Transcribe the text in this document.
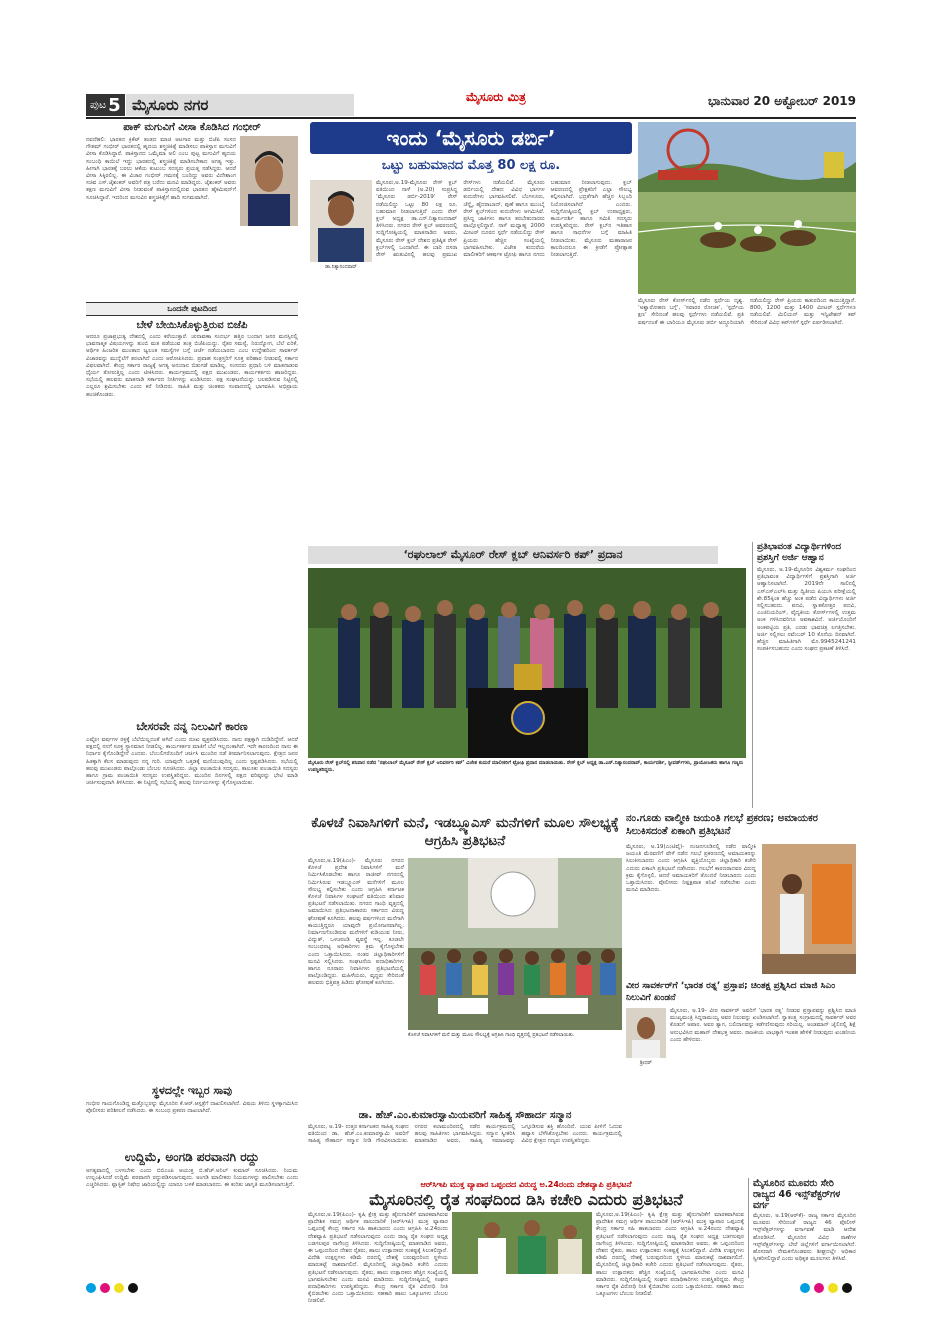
ಪುಟ 5 ಮೈಸೂರು ನಗರ	ಮೈಸೂರು ಮಿತ್ರ	ಭಾನುವಾರ 20 ಅಕ್ಟೋಬರ್ 2019
ಪಾಕ್ ಮಗುವಿಗೆ ವೀಸಾ ಕೊಡಿಸಿದ ಗಂಭೀರ್
ನವದೆಹಲಿ: ಭಾರತದ ಕ್ರಿಕೆಟ್ ತಂಡದ ಮಾಜಿ ಆಟಗಾರ ಮತ್ತು ಬಿಜೆಪಿ ಸಂಸದ ಗೌತಮ್ ಗಂಭೀರ್ ಭಾರತದಲ್ಲಿ ಹೃದಯ ಶಸ್ತ್ರಚಿಕಿತ್ಸೆ ಮಾಡಿಸಲು ಪಾಕಿಸ್ತಾನ ಮಗುವಿಗೆ ವೀಸಾ ಕೊಡಿಸಿದ್ದಾರೆ. ಪಾಕಿಸ್ತಾನದ ಒಮೈಮಾ ಅಲಿ ಎಂಬ ಪುಟ್ಟ ಮಗುವಿಗೆ ಹೃದಯ ಸಂಬಂಧಿ ಕಾಯಿಲೆ ಇದ್ದು ಭಾರತದಲ್ಲಿ ಶಸ್ತ್ರಚಿಕಿತ್ಸೆ ಮಾಡಿಸಬೇಕಾದ ಅಗತ್ಯ ಇತ್ತು. ಹೀಗಾಗಿ ಭಾರತಕ್ಕೆ ಬರಲು ಆಕೆಯ ಕುಟುಂಬ ಸದಸ್ಯರು ಪ್ರಯತ್ನ ನಡೆಸಿದ್ದರು. ಆದರೆ ವೀಸಾ ಸಿಕ್ಕಿರಲಿಲ್ಲ. ಈ ವಿಚಾರ ಗಂಭೀರ್ ಗಮನಕ್ಕೆ ಬಂದಿದ್ದು ಅವರು ವಿದೇಶಾಂಗ ಸಚಿವ ಎಸ್.ಜೈಶಂಕರ್ ಅವರಿಗೆ ಪತ್ರ ಬರೆದು ಮನವಿ ಮಾಡಿದ್ದರು. ಜೈಶಂಕರ್ ಅವರು ತಕ್ಷಣ ಮಗುವಿಗೆ ವೀಸಾ ನೀಡುವಂತೆ ಪಾಕಿಸ್ತಾನದಲ್ಲಿರುವ ಭಾರತದ ಹೈಕಮಿಷನ್‌ಗೆ ಸೂಚಿಸಿದ್ದಾರೆ. ಇದರಿಂದ ಮಗುವಿನ ಶಸ್ತ್ರಚಿಕಿತ್ಸೆಗೆ ಹಾದಿ ಸುಗಮವಾಗಿದೆ.
ಒಂದನೇ ಪುಟದಿಂದ
ಬೇಳೆ ಬೇಯಿಸಿಕೊಳ್ಳುತ್ತಿರುವ ಬಿಜೆಪಿ
ಆದರೂ ಪ್ರಜಾಪ್ರಭುತ್ವ ದೇಶದಲ್ಲಿ ಎಂದು ಕರೆಯುತ್ತಾರೆ. ಚುನಾವಣಾ ಸಂದರ್ಭ ಹತ್ತಿರ ಬಂದಾಗ ಜನರ ಮನಸ್ಸಿನಲ್ಲಿ ಭಾವನಾತ್ಮಕ ವಿಷಯಗಳನ್ನು ತುಂಬಿ ಮತ ಪಡೆಯುವ ತಂತ್ರ ಬಿಜೆಪಿಯದ್ದು. ರೈತರ ಸಮಸ್ಯೆ, ನಿರುದ್ಯೋಗ, ಬೆಲೆ ಏರಿಕೆ, ಆರ್ಥಿಕ ಹಿಂಜರಿತ ಮುಂತಾದ ಜ್ವಲಂತ ಸಮಸ್ಯೆಗಳ ಬಗ್ಗೆ ಚರ್ಚೆ ನಡೆಯಬಾರದು ಎಂಬ ಉದ್ದೇಶದಿಂದ ಸಾವರ್ಕರ್ ವಿಚಾರವನ್ನು ಮುನ್ನೆಲೆಗೆ ತರಲಾಗಿದೆ ಎಂದು ಆರೋಪಿಸಿದರು. ಪ್ರವಾಹ ಸಂತ್ರಸ್ತರಿಗೆ ಸೂಕ್ತ ಪರಿಹಾರ ನೀಡುವಲ್ಲಿ ಸರ್ಕಾರ ವಿಫಲವಾಗಿದೆ. ಕೇಂದ್ರ ಸರ್ಕಾರ ರಾಜ್ಯಕ್ಕೆ ಅಗತ್ಯ ಅನುದಾನ ಬಿಡುಗಡೆ ಮಾಡಿಲ್ಲ. ಸಂಸದರು ಪ್ರಧಾನಿ ಬಳಿ ಮಾತನಾಡುವ ಧೈರ್ಯ ತೋರುತ್ತಿಲ್ಲ ಎಂದು ಟೀಕಿಸಿದರು. ಕಾರ್ಯಕ್ರಮದಲ್ಲಿ ಪಕ್ಷದ ಮುಖಂಡರು, ಕಾರ್ಯಕರ್ತರು ಹಾಜರಿದ್ದರು. ಸಭೆಯಲ್ಲಿ ಹಲವರು ಮಾತನಾಡಿ ಸರ್ಕಾರದ ನೀತಿಗಳನ್ನು ಖಂಡಿಸಿದರು. ಪಕ್ಷ ಸಂಘಟನೆಯನ್ನು ಬಲಪಡಿಸುವ ನಿಟ್ಟಿನಲ್ಲಿ ಎಲ್ಲರೂ ಶ್ರಮಿಸಬೇಕು ಎಂದು ಕರೆ ನೀಡಿದರು. ಸಾಹಿತಿ ಮತ್ತು ಚಿಂತಕರು ಸಂವಾದದಲ್ಲಿ ಭಾಗವಹಿಸಿ ಅಭಿಪ್ರಾಯ ಹಂಚಿಕೊಂಡರು.
ಬೇಸರವೇ ನನ್ನ ನಿಲುವಿಗೆ ಕಾರಣ
ಎಷ್ಟೋ ವರ್ಷಗಳ ರಕ್ತಕ್ಕೆ ಬೆಲೆಯಿಲ್ಲದಂತೆ ಆಗಿದೆ ಎಂದು ದುಃಖ ವ್ಯಕ್ತಪಡಿಸಿದರು. ನಾನು ಪಕ್ಷಕ್ಕಾಗಿ ದುಡಿದಿದ್ದೇನೆ. ಆದರೆ ಪಕ್ಷದಲ್ಲಿ ನನಗೆ ಸೂಕ್ತ ಸ್ಥಾನಮಾನ ನೀಡಲಿಲ್ಲ. ಕಾರ್ಯಕರ್ತರ ಮಾತಿಗೆ ಬೆಲೆ ಇಲ್ಲದಂತಾಗಿದೆ. ಇದೇ ಕಾರಣದಿಂದ ನಾನು ಈ ನಿರ್ಧಾರ ಕೈಗೊಂಡಿದ್ದೇನೆ ಎಂದರು. ಬೆಂಬಲಿಗರೊಂದಿಗೆ ಚರ್ಚಿಸಿ ಮುಂದಿನ ನಡೆ ತೀರ್ಮಾನಿಸಲಾಗುವುದು. ಕ್ಷೇತ್ರದ ಜನರ ಹಿತಕ್ಕಾಗಿ ಕೆಲಸ ಮಾಡುವುದು ನನ್ನ ಗುರಿ. ಯಾವುದೇ ಒತ್ತಡಕ್ಕೆ ಮಣಿಯುವುದಿಲ್ಲ ಎಂದು ಸ್ಪಷ್ಟಪಡಿಸಿದರು. ಸಭೆಯಲ್ಲಿ ಹಲವು ಮುಖಂಡರು ಪಾಲ್ಗೊಂಡು ಬೆಂಬಲ ಸೂಚಿಸಿದರು. ಜಿಲ್ಲಾ ಪಂಚಾಯಿತಿ ಸದಸ್ಯರು, ತಾಲೂಕು ಪಂಚಾಯಿತಿ ಸದಸ್ಯರು ಹಾಗೂ ಗ್ರಾಮ ಪಂಚಾಯಿತಿ ಸದಸ್ಯರು ಉಪಸ್ಥಿತರಿದ್ದರು. ಮುಂದಿನ ದಿನಗಳಲ್ಲಿ ಪಕ್ಷದ ವರಿಷ್ಠರನ್ನು ಭೇಟಿ ಮಾಡಿ ಚರ್ಚಿಸುವುದಾಗಿ ತಿಳಿಸಿದರು. ಈ ನಿಟ್ಟಿನಲ್ಲಿ ಸಭೆಯಲ್ಲಿ ಹಲವು ನಿರ್ಣಯಗಳನ್ನು ಕೈಗೊಳ್ಳಲಾಯಿತು.
ಸ್ಥಳದಲ್ಲೇ ಇಬ್ಬರ ಸಾವು
ಗಂಭೀರ ಗಾಯಗೊಂಡಿದ್ದ ಮತ್ತೊಬ್ಬರನ್ನು ಮೈಸೂರಿನ ಕೆ.ಆರ್.ಆಸ್ಪತ್ರೆಗೆ ದಾಖಲಿಸಲಾಗಿದೆ. ವಿಷಯ ತಿಳಿದು ಸ್ಥಳಕ್ಕಾಗಮಿಸಿದ ಪೊಲೀಸರು ಪರಿಶೀಲನೆ ನಡೆಸಿದರು. ಈ ಸಂಬಂಧ ಪ್ರಕರಣ ದಾಖಲಾಗಿದೆ.
ಉದ್ದಿಮೆ, ಅಂಗಡಿ ಪರವಾನಗಿ ರದ್ದು
ಅಗತ್ಯವಾದಲ್ಲಿ ಬಳಸಬೇಕು ಎಂದು ಬಿಬಿಎಂಪಿ ಆಯುಕ್ತ ಬಿ.ಹೆಚ್.ಅನಿಲ್ ಕುಮಾರ್ ಸೂಚಿಸಿದರು. ನಿಯಮ ಉಲ್ಲಂಘಿಸಿದರೆ ಉದ್ದಿಮೆ ಪರವಾನಗಿ ರದ್ದುಪಡಿಸಲಾಗುವುದು. ಅಂಗಡಿ ಮಾಲೀಕರು ನಿಯಮಗಳನ್ನು ಪಾಲಿಸಬೇಕು ಎಂದು ಎಚ್ಚರಿಸಿದರು. ಪ್ಲಾಸ್ಟಿಕ್ ನಿಷೇಧ ಜಾರಿಯಲ್ಲಿದ್ದು ಯಾರೂ ಬಳಕೆ ಮಾಡಬಾರದು. ಈ ಕುರಿತು ಜಾಗೃತಿ ಮೂಡಿಸಲಾಗುತ್ತಿದೆ.
ಇಂದು ‘ಮೈಸೂರು ಡರ್ಬಿ’
ಒಟ್ಟು ಬಹುಮಾನದ ಮೊತ್ತ 80 ಲಕ್ಷ ರೂ.
ಡಾ.ನಿತ್ಯಾನಂದರಾವ್
ಮೈಸೂರು,ಅ.19-ಮೈಸೂರು ರೇಸ್ ಕ್ಲಬ್ ವತಿಯಿಂದ ನಾಳೆ (ಅ.20) ಸುಪ್ರಸಿದ್ಧ ‘ಮೈಸೂರು ಡರ್ಬಿ-2019’ ರೇಸ್ ನಡೆಯಲಿದ್ದು ಒಟ್ಟು 80 ಲಕ್ಷ ರೂ. ಬಹುಮಾನ ನೀಡಲಾಗುತ್ತಿದೆ ಎಂದು ರೇಸ್ ಕ್ಲಬ್ ಅಧ್ಯಕ್ಷ ಡಾ.ಎನ್.ನಿತ್ಯಾನಂದರಾವ್ ತಿಳಿಸಿದರು. ನಗರದ ರೇಸ್ ಕ್ಲಬ್ ಆವರಣದಲ್ಲಿ ಸುದ್ದಿಗೋಷ್ಠಿಯಲ್ಲಿ ಮಾತನಾಡಿದ ಅವರು, ಮೈಸೂರು ರೇಸ್ ಕ್ಲಬ್ ದೇಶದ ಪ್ರತಿಷ್ಠಿತ ರೇಸ್ ಕ್ಲಬ್‌ಗಳಲ್ಲಿ ಒಂದಾಗಿದೆ. ಈ ಬಾರಿ ದಸರಾ ರೇಸ್ ಋತುವಿನಲ್ಲಿ ಹಲವು ಪ್ರಮುಖ ರೇಸ್‌ಗಳು ನಡೆಯಲಿವೆ. ಮೈಸೂರು ಡರ್ಬಿಯಲ್ಲಿ ದೇಶದ ವಿವಿಧ ಭಾಗಗಳ ಕುದುರೆಗಳು ಭಾಗವಹಿಸಲಿವೆ. ಬೆಂಗಳೂರು, ಚೆನ್ನೈ, ಹೈದರಾಬಾದ್, ಪುಣೆ ಹಾಗೂ ಮುಂಬೈ ರೇಸ್ ಕ್ಲಬ್‌ಗಳಿಂದ ಕುದುರೆಗಳು ಆಗಮಿಸಿವೆ. ಪ್ರಸಿದ್ಧ ಜಾಕಿಗಳು ಹಾಗೂ ತರಬೇತುದಾರರು ಪಾಲ್ಗೊಳ್ಳಲಿದ್ದಾರೆ. ನಾಳೆ ಮಧ್ಯಾಹ್ನ 2000 ಮೀಟರ್ ದೂರದ ಸ್ಪರ್ಧೆ ನಡೆಯಲಿದ್ದು ರೇಸ್ ಪ್ರಿಯರು ಹೆಚ್ಚಿನ ಸಂಖ್ಯೆಯಲ್ಲಿ ಭಾಗವಹಿಸಬೇಕು. ವಿಜೇತ ಕುದುರೆಯ ಮಾಲೀಕರಿಗೆ ಆಕರ್ಷಕ ಟ್ರೋಫಿ ಹಾಗೂ ನಗದು ಬಹುಮಾನ ನೀಡಲಾಗುವುದು. ಕ್ಲಬ್ ಆವರಣದಲ್ಲಿ ಪ್ರೇಕ್ಷಕರಿಗೆ ಎಲ್ಲಾ ಸೌಲಭ್ಯ ಕಲ್ಪಿಸಲಾಗಿದೆ. ಭದ್ರತೆಗಾಗಿ ಹೆಚ್ಚಿನ ಸಿಬ್ಬಂದಿ ನಿಯೋಜಿಸಲಾಗಿದೆ ಎಂದರು. ಸುದ್ದಿಗೋಷ್ಠಿಯಲ್ಲಿ ಕ್ಲಬ್ ಉಪಾಧ್ಯಕ್ಷರು, ಕಾರ್ಯದರ್ಶಿ ಹಾಗೂ ಸಮಿತಿ ಸದಸ್ಯರು ಉಪಸ್ಥಿತರಿದ್ದರು. ರೇಸ್ ಕ್ಲಬ್‌ನ ಇತಿಹಾಸ ಹಾಗೂ ಸಾಧನೆಗಳ ಬಗ್ಗೆ ಮಾಹಿತಿ ನೀಡಲಾಯಿತು. ಮೈಸೂರು ಮಹಾರಾಜರ ಕಾಲದಿಂದಲೂ ಈ ಕ್ರೀಡೆಗೆ ಪ್ರೋತ್ಸಾಹ ನೀಡಲಾಗುತ್ತಿದೆ.
ಮೈಸೂರು ರೇಸ್ ಕೋರ್ಸ್‌ನಲ್ಲಿ ನಡೆದ ಸ್ಪರ್ಧೆಯ ದೃಶ್ಯ. ‘ಅಶ್ವಾರೋಹಣ ಬಗ್ಗೆ’, ‘ಸವಾರರ ರೋಚಕ’, ‘ಸ್ಪರ್ಧೆಯ ಕ್ಷಣ’ ಸೇರಿದಂತೆ ಹಲವು ಸ್ಪರ್ಧೆಗಳು ನಡೆಯಲಿವೆ. ಪ್ರತಿ ವರ್ಷದಂತೆ ಈ ಬಾರಿಯೂ ಮೈಸೂರು ಡರ್ಬಿ ಅದ್ಧೂರಿಯಾಗಿ ನಡೆಯಲಿದ್ದು ರೇಸ್ ಪ್ರಿಯರು ಕಾತುರದಿಂದ ಕಾಯುತ್ತಿದ್ದಾರೆ. 800, 1200 ಮತ್ತು 1400 ಮೀಟರ್ ಸ್ಪರ್ಧೆಗಳೂ ನಡೆಯಲಿವೆ. ಮಿಲಿಯನ್ ಮತ್ತು ಇನ್ವಿಟೇಶನ್ ಕಪ್ ಸೇರಿದಂತೆ ವಿವಿಧ ಕಪ್‌ಗಳಿಗೆ ಸ್ಪರ್ಧೆ ಏರ್ಪಡಿಸಲಾಗಿದೆ.
‘ರಘುಲಾಲ್ ಮೈಸೂರ್ ರೇಸ್ ಕ್ಲಬ್ ಆನಿವರ್ಸರಿ ಕಪ್’ ಪ್ರದಾನ
ಮೈಸೂರು ರೇಸ್ ಕ್ಲಬ್‌ನಲ್ಲಿ ಶನಿವಾರ ನಡೆದ ‘ರಘುಲಾಲ್ ಮೈಸೂರ್ ರೇಸ್ ಕ್ಲಬ್ ಆನಿವರ್ಸರಿ ಕಪ್’ ವಿಜೇತ ಕುದುರೆ ಮಾಲೀಕರಿಗೆ ಟ್ರೋಫಿ ಪ್ರದಾನ ಮಾಡಲಾಯಿತು. ರೇಸ್ ಕ್ಲಬ್ ಅಧ್ಯಕ್ಷ ಡಾ.ಎನ್.ನಿತ್ಯಾನಂದರಾವ್, ಕಾರ್ಯದರ್ಶಿ, ಸ್ಟೀವರ್ಡ್‌ಗಳು, ಪ್ರಾಯೋಜಕರು ಹಾಗೂ ಗಣ್ಯರು ಉಪಸ್ಥಿತರಿದ್ದರು.
ಪ್ರತಿಭಾವಂತ ವಿದ್ಯಾರ್ಥಿಗಳಿಂದ ಪ್ರಶಸ್ತಿಗೆ ಅರ್ಜಿ ಆಹ್ವಾನ
ಮೈಸೂರು, ಅ.19-ಮೈಸೂರಿನ ವಿಶ್ವಕರ್ಮ ಸಂಘದಿಂದ ಪ್ರತಿಭಾವಂತ ವಿದ್ಯಾರ್ಥಿಗಳಿಗೆ ಪ್ರಶಸ್ತಿಗಾಗಿ ಅರ್ಜಿ ಆಹ್ವಾನಿಸಲಾಗಿದೆ. 2019ನೇ ಸಾಲಿನಲ್ಲಿ ಎಸ್‌ಎಸ್‌ಎಲ್‌ಸಿ ಮತ್ತು ದ್ವಿತೀಯ ಪಿಯುಸಿ ಪರೀಕ್ಷೆಯಲ್ಲಿ ಶೇ.85ಕ್ಕಿಂತ ಹೆಚ್ಚು ಅಂಕ ಪಡೆದ ವಿದ್ಯಾರ್ಥಿಗಳು ಅರ್ಜಿ ಸಲ್ಲಿಸಬಹುದು. ಪದವಿ, ಸ್ನಾತಕೋತ್ತರ ಪದವಿ, ಎಂಜಿನಿಯರಿಂಗ್, ವೈದ್ಯಕೀಯ ಕೋರ್ಸ್‌ಗಳಲ್ಲಿ ಉತ್ತಮ ಅಂಕ ಗಳಿಸಿದವರಿಗೂ ಅವಕಾಶವಿದೆ. ಅರ್ಜಿಯೊಂದಿಗೆ ಅಂಕಪಟ್ಟಿಯ ಪ್ರತಿ, ಎರಡು ಭಾವಚಿತ್ರ ಲಗತ್ತಿಸಬೇಕು. ಅರ್ಜಿ ಸಲ್ಲಿಸಲು ನವೆಂಬರ್ 10 ಕೊನೆಯ ದಿನವಾಗಿದೆ. ಹೆಚ್ಚಿನ ಮಾಹಿತಿಗಾಗಿ ಮೊ.9945241241 ಸಂಪರ್ಕಿಸಬಹುದು ಎಂದು ಸಂಘದ ಪ್ರಕಟಣೆ ತಿಳಿಸಿದೆ.
ಕೊಳಚೆ ನಿವಾಸಿಗಳಿಗೆ ಮನೆ, ಇಡಬ್ಲ್ಯೂಎಸ್ ಮನೆಗಳಿಗೆ ಮೂಲ ಸೌಲಭ್ಯಕ್ಕೆ ಆಗ್ರಹಿಸಿ ಪ್ರತಿಭಟನೆ
ಮೈಸೂರು,ಅ.19(ಪಿಎಂ)- ಮೈಸೂರು ನಗರದ ಕೊಳಚೆ ಪ್ರದೇಶ ನಿವಾಸಿಗಳಿಗೆ ಮನೆ ನಿರ್ಮಿಸಿಕೊಡಬೇಕು ಹಾಗೂ ರಾಜೀವ್ ನಗರದಲ್ಲಿ ನಿರ್ಮಿಸಿರುವ ಇಡಬ್ಲ್ಯೂಎಸ್ ಮನೆಗಳಿಗೆ ಮೂಲ ಸೌಲಭ್ಯ ಕಲ್ಪಿಸಬೇಕು ಎಂದು ಆಗ್ರಹಿಸಿ ಕರ್ನಾಟಕ ಕೊಳಚೆ ನಿವಾಸಿಗಳ ಸಂಘಟನೆ ವತಿಯಿಂದ ಶನಿವಾರ ಪ್ರತಿಭಟನೆ ನಡೆಸಲಾಯಿತು. ನಗರದ ಗಾಂಧಿ ವೃತ್ತದಲ್ಲಿ ಜಮಾಯಿಸಿದ ಪ್ರತಿಭಟನಾಕಾರರು ಸರ್ಕಾರದ ವಿರುದ್ಧ ಘೋಷಣೆ ಕೂಗಿದರು. ಹಲವು ವರ್ಷಗಳಿಂದ ಮನೆಗಾಗಿ ಕಾಯುತ್ತಿದ್ದರೂ ಯಾವುದೇ ಪ್ರಯೋಜನವಾಗಿಲ್ಲ. ನಿರ್ಮಾಣಗೊಂಡಿರುವ ಮನೆಗಳಿಗೆ ಕುಡಿಯುವ ನೀರು, ವಿದ್ಯುತ್, ಒಳಚರಂಡಿ ವ್ಯವಸ್ಥೆ ಇಲ್ಲ. ಕೂಡಲೇ ಸಂಬಂಧಪಟ್ಟ ಅಧಿಕಾರಿಗಳು ಕ್ರಮ ಕೈಗೊಳ್ಳಬೇಕು ಎಂದು ಒತ್ತಾಯಿಸಿದರು. ನಂತರ ಜಿಲ್ಲಾಧಿಕಾರಿಗಳಿಗೆ ಮನವಿ ಸಲ್ಲಿಸಿದರು. ಸಂಘಟನೆಯ ಪದಾಧಿಕಾರಿಗಳು ಹಾಗೂ ನೂರಾರು ನಿವಾಸಿಗಳು ಪ್ರತಿಭಟನೆಯಲ್ಲಿ ಪಾಲ್ಗೊಂಡಿದ್ದರು. ಮಹಿಳೆಯರು, ವೃದ್ಧರು ಸೇರಿದಂತೆ ಹಲವರು ಭಿತ್ತಿಪತ್ರ ಹಿಡಿದು ಘೋಷಣೆ ಕೂಗಿದರು.
ಕೊಳಚೆ ನಿವಾಸಿಗಳಿಗೆ ಮನೆ ಮತ್ತು ಮೂಲ ಸೌಲಭ್ಯಕ್ಕೆ ಆಗ್ರಹಿಸಿ ಗಾಂಧಿ ವೃತ್ತದಲ್ಲಿ ಪ್ರತಿಭಟನೆ ನಡೆಸಲಾಯಿತು.
ನಂ.ಗೂಡು ವಾಲ್ಮೀಕಿ ಜಯಂತಿ ಗಲಭೆ ಪ್ರಕರಣ; ಅಮಾಯಕರ ಸಿಲುಕಿಸದಂತೆ ಏಕಾಂಗಿ ಪ್ರತಿಭಟನೆ
ಮೈಸೂರು, ಅ.19(ಎಂಟಿವೈ)- ನಂಜನಗೂಡಿನಲ್ಲಿ ನಡೆದ ವಾಲ್ಮೀಕಿ ಜಯಂತಿ ಮೆರವಣಿಗೆ ವೇಳೆ ನಡೆದ ಗಲಭೆ ಪ್ರಕರಣದಲ್ಲಿ ಅಮಾಯಕರನ್ನು ಸಿಲುಕಿಸಬಾರದು ಎಂದು ಆಗ್ರಹಿಸಿ ವ್ಯಕ್ತಿಯೊಬ್ಬರು ಜಿಲ್ಲಾಧಿಕಾರಿ ಕಚೇರಿ ಎದುರು ಏಕಾಂಗಿ ಪ್ರತಿಭಟನೆ ನಡೆಸಿದರು. ಗಲಭೆಗೆ ಕಾರಣರಾದವರ ವಿರುದ್ಧ ಕ್ರಮ ಕೈಗೊಳ್ಳಲಿ, ಆದರೆ ಅಮಾಯಕರಿಗೆ ತೊಂದರೆ ನೀಡಬಾರದು ಎಂದು ಒತ್ತಾಯಿಸಿದರು. ಪೊಲೀಸರು ನಿಷ್ಪಕ್ಷಪಾತ ತನಿಖೆ ನಡೆಸಬೇಕು ಎಂದು ಮನವಿ ಮಾಡಿದರು.
ವೀರ ಸಾವರ್ಕರ್‌ಗೆ ‘ಭಾರತ ರತ್ನ’ ಪ್ರಸ್ತಾಪ; ಚಿಂತಕ್ಷ ಪ್ರಶ್ನಿಸಿದ ಮಾಜಿ ಸಿಎಂ ನಿಲುವಿಗೆ ಖಂಡನೆ
ಶ್ರೀಧರ್
ಮೈಸೂರು, ಅ.19- ವೀರ ಸಾವರ್ಕರ್ ಅವರಿಗೆ ‘ಭಾರತ ರತ್ನ’ ನೀಡುವ ಪ್ರಸ್ತಾಪವನ್ನು ಪ್ರಶ್ನಿಸಿದ ಮಾಜಿ ಮುಖ್ಯಮಂತ್ರಿ ಸಿದ್ದರಾಮಯ್ಯ ಅವರ ನಿಲುವನ್ನು ಖಂಡಿಸಲಾಗಿದೆ. ಸ್ವಾತಂತ್ರ್ಯ ಸಂಗ್ರಾಮದಲ್ಲಿ ಸಾವರ್ಕರ್ ಅವರ ಕೊಡುಗೆ ಅಪಾರ. ಅವರ ತ್ಯಾಗ, ಬಲಿದಾನವನ್ನು ಕಡೆಗಣಿಸುವುದು ಸರಿಯಲ್ಲ. ಅಂಡಮಾನ್ ಜೈಲಿನಲ್ಲಿ ಶಿಕ್ಷೆ ಅನುಭವಿಸಿದ ಮಹಾನ್ ದೇಶಭಕ್ತ ಅವರು. ರಾಜಕೀಯ ಲಾಭಕ್ಕಾಗಿ ಇಂತಹ ಹೇಳಿಕೆ ನೀಡುವುದು ಖಂಡನೀಯ ಎಂದು ಹೇಳಿದರು.
ಡಾ. ಹೆಚ್.ಎಂ.ಕುಮಾರಸ್ವಾಮಿಯವರಿಗೆ ಸಾಹಿತ್ಯ ಸೌಹಾರ್ದ ಸನ್ಮಾನ
ಮೈಸೂರು, ಅ.19- ಉತ್ತರ ಕರ್ನಾಟಕದ ಸಾಹಿತ್ಯ ಸಂಘದ ವತಿಯಿಂದ ಡಾ. ಹೆಚ್.ಎಂ.ಕುಮಾರಸ್ವಾಮಿ ಅವರಿಗೆ ಸಾಹಿತ್ಯ ಸೌಹಾರ್ದ ಸನ್ಮಾನ ನೀಡಿ ಗೌರವಿಸಲಾಯಿತು. ನಗರದ ಕಲಾಮಂದಿರದಲ್ಲಿ ನಡೆದ ಕಾರ್ಯಕ್ರಮದಲ್ಲಿ ಹಲವು ಸಾಹಿತಿಗಳು ಭಾಗವಹಿಸಿದ್ದರು. ಸನ್ಮಾನ ಸ್ವೀಕರಿಸಿ ಮಾತನಾಡಿದ ಅವರು, ಸಾಹಿತ್ಯ ಸಮಾಜವನ್ನು ಒಗ್ಗೂಡಿಸುವ ಶಕ್ತಿ ಹೊಂದಿದೆ. ಯುವ ಪೀಳಿಗೆ ಓದುವ ಹವ್ಯಾಸ ಬೆಳೆಸಿಕೊಳ್ಳಬೇಕು ಎಂದರು. ಕಾರ್ಯಕ್ರಮದಲ್ಲಿ ವಿವಿಧ ಕ್ಷೇತ್ರದ ಗಣ್ಯರು ಉಪಸ್ಥಿತರಿದ್ದರು.
ಆರ್‌ಸಿಇಪಿ ಮುಕ್ತ ವ್ಯಾಪಾರ ಒಪ್ಪಂದದ ವಿರುದ್ಧ ಅ.24ರಂದು ದೇಶವ್ಯಾಪಿ ಪ್ರತಿಭಟನೆ
ಮೈಸೂರಿನಲ್ಲಿ ರೈತ ಸಂಘದಿಂದ ಡಿಸಿ ಕಚೇರಿ ಎದುರು ಪ್ರತಿಭಟನೆ
ಮೈಸೂರು,ಅ.19(ಪಿಎಂ)- ಕೃಷಿ ಕ್ಷೇತ್ರ ಮತ್ತು ಹೈನುಗಾರಿಕೆಗೆ ಮಾರಕವಾಗಿರುವ ಪ್ರಾದೇಶಿಕ ಸಮಗ್ರ ಆರ್ಥಿಕ ಪಾಲುದಾರಿಕೆ (ಆರ್‌ಸಿಇಪಿ) ಮುಕ್ತ ವ್ಯಾಪಾರ ಒಪ್ಪಂದಕ್ಕೆ ಕೇಂದ್ರ ಸರ್ಕಾರ ಸಹಿ ಹಾಕಬಾರದು ಎಂದು ಆಗ್ರಹಿಸಿ ಅ.24ರಂದು ದೇಶವ್ಯಾಪಿ ಪ್ರತಿಭಟನೆ ನಡೆಸಲಾಗುವುದು ಎಂದು ರಾಜ್ಯ ರೈತ ಸಂಘದ ಅಧ್ಯಕ್ಷ ಬಡಗಲಪುರ ನಾಗೇಂದ್ರ ತಿಳಿಸಿದರು. ಸುದ್ದಿಗೋಷ್ಠಿಯಲ್ಲಿ ಮಾತನಾಡಿದ ಅವರು, ಈ ಒಪ್ಪಂದದಿಂದ ದೇಶದ ರೈತರು, ಹಾಲು ಉತ್ಪಾದಕರು ಸಂಕಷ್ಟಕ್ಕೆ ಸಿಲುಕಲಿದ್ದಾರೆ. ವಿದೇಶಿ ಉತ್ಪನ್ನಗಳು ಕಡಿಮೆ ದರದಲ್ಲಿ ದೇಶಕ್ಕೆ ಬರುವುದರಿಂದ ಸ್ಥಳೀಯ ಮಾರುಕಟ್ಟೆ ನಾಶವಾಗಲಿದೆ. ಮೈಸೂರಿನಲ್ಲಿ ಜಿಲ್ಲಾಧಿಕಾರಿ ಕಚೇರಿ ಎದುರು ಪ್ರತಿಭಟನೆ ನಡೆಸಲಾಗುವುದು. ರೈತರು, ಹಾಲು ಉತ್ಪಾದಕರು ಹೆಚ್ಚಿನ ಸಂಖ್ಯೆಯಲ್ಲಿ ಭಾಗವಹಿಸಬೇಕು ಎಂದು ಮನವಿ ಮಾಡಿದರು. ಸುದ್ದಿಗೋಷ್ಠಿಯಲ್ಲಿ ಸಂಘದ ಪದಾಧಿಕಾರಿಗಳು ಉಪಸ್ಥಿತರಿದ್ದರು. ಕೇಂದ್ರ ಸರ್ಕಾರ ರೈತ ವಿರೋಧಿ ನೀತಿ ಕೈಬಿಡಬೇಕು ಎಂದು ಒತ್ತಾಯಿಸಿದರು. ಸಹಕಾರಿ ಹಾಲು ಒಕ್ಕೂಟಗಳು ಬೆಂಬಲ ನೀಡಲಿವೆ.
ಮೈಸೂರು,ಅ.19(ಪಿಎಂ)- ಕೃಷಿ ಕ್ಷೇತ್ರ ಮತ್ತು ಹೈನುಗಾರಿಕೆಗೆ ಮಾರಕವಾಗಿರುವ ಪ್ರಾದೇಶಿಕ ಸಮಗ್ರ ಆರ್ಥಿಕ ಪಾಲುದಾರಿಕೆ (ಆರ್‌ಸಿಇಪಿ) ಮುಕ್ತ ವ್ಯಾಪಾರ ಒಪ್ಪಂದಕ್ಕೆ ಕೇಂದ್ರ ಸರ್ಕಾರ ಸಹಿ ಹಾಕಬಾರದು ಎಂದು ಆಗ್ರಹಿಸಿ ಅ.24ರಂದು ದೇಶವ್ಯಾಪಿ ಪ್ರತಿಭಟನೆ ನಡೆಸಲಾಗುವುದು ಎಂದು ರಾಜ್ಯ ರೈತ ಸಂಘದ ಅಧ್ಯಕ್ಷ ಬಡಗಲಪುರ ನಾಗೇಂದ್ರ ತಿಳಿಸಿದರು. ಸುದ್ದಿಗೋಷ್ಠಿಯಲ್ಲಿ ಮಾತನಾಡಿದ ಅವರು, ಈ ಒಪ್ಪಂದದಿಂದ ದೇಶದ ರೈತರು, ಹಾಲು ಉತ್ಪಾದಕರು ಸಂಕಷ್ಟಕ್ಕೆ ಸಿಲುಕಲಿದ್ದಾರೆ. ವಿದೇಶಿ ಉತ್ಪನ್ನಗಳು ಕಡಿಮೆ ದರದಲ್ಲಿ ದೇಶಕ್ಕೆ ಬರುವುದರಿಂದ ಸ್ಥಳೀಯ ಮಾರುಕಟ್ಟೆ ನಾಶವಾಗಲಿದೆ. ಮೈಸೂರಿನಲ್ಲಿ ಜಿಲ್ಲಾಧಿಕಾರಿ ಕಚೇರಿ ಎದುರು ಪ್ರತಿಭಟನೆ ನಡೆಸಲಾಗುವುದು. ರೈತರು, ಹಾಲು ಉತ್ಪಾದಕರು ಹೆಚ್ಚಿನ ಸಂಖ್ಯೆಯಲ್ಲಿ ಭಾಗವಹಿಸಬೇಕು ಎಂದು ಮನವಿ ಮಾಡಿದರು. ಸುದ್ದಿಗೋಷ್ಠಿಯಲ್ಲಿ ಸಂಘದ ಪದಾಧಿಕಾರಿಗಳು ಉಪಸ್ಥಿತರಿದ್ದರು. ಕೇಂದ್ರ ಸರ್ಕಾರ ರೈತ ವಿರೋಧಿ ನೀತಿ ಕೈಬಿಡಬೇಕು ಎಂದು ಒತ್ತಾಯಿಸಿದರು. ಸಹಕಾರಿ ಹಾಲು ಒಕ್ಕೂಟಗಳು ಬೆಂಬಲ ನೀಡಲಿವೆ.
ಮೈಸೂರಿನ ಮೂವರು ಸೇರಿ ರಾಜ್ಯದ 46 ಇನ್ಸ್‌ಪೆಕ್ಟರ್‌ಗಳ ವರ್ಗ
ಮೈಸೂರು, ಅ.19(ಆರ್‌ಕೆ)- ರಾಜ್ಯ ಸರ್ಕಾರ ಮೈಸೂರಿನ ಮೂವರು ಸೇರಿದಂತೆ ರಾಜ್ಯದ 46 ಪೊಲೀಸ್ ಇನ್ಸ್‌ಪೆಕ್ಟರ್‌ಗಳನ್ನು ವರ್ಗಾವಣೆ ಮಾಡಿ ಆದೇಶ ಹೊರಡಿಸಿದೆ. ಮೈಸೂರಿನ ವಿವಿಧ ಠಾಣೆಗಳ ಇನ್ಸ್‌ಪೆಕ್ಟರ್‌ಗಳನ್ನು ಬೇರೆ ಜಿಲ್ಲೆಗಳಿಗೆ ವರ್ಗಾಯಿಸಲಾಗಿದೆ. ಹೊಸದಾಗಿ ನೇಮಕಗೊಂಡವರು ಶೀಘ್ರದಲ್ಲೇ ಅಧಿಕಾರ ಸ್ವೀಕರಿಸಲಿದ್ದಾರೆ ಎಂದು ಅಧಿಕೃತ ಮೂಲಗಳು ತಿಳಿಸಿವೆ.
